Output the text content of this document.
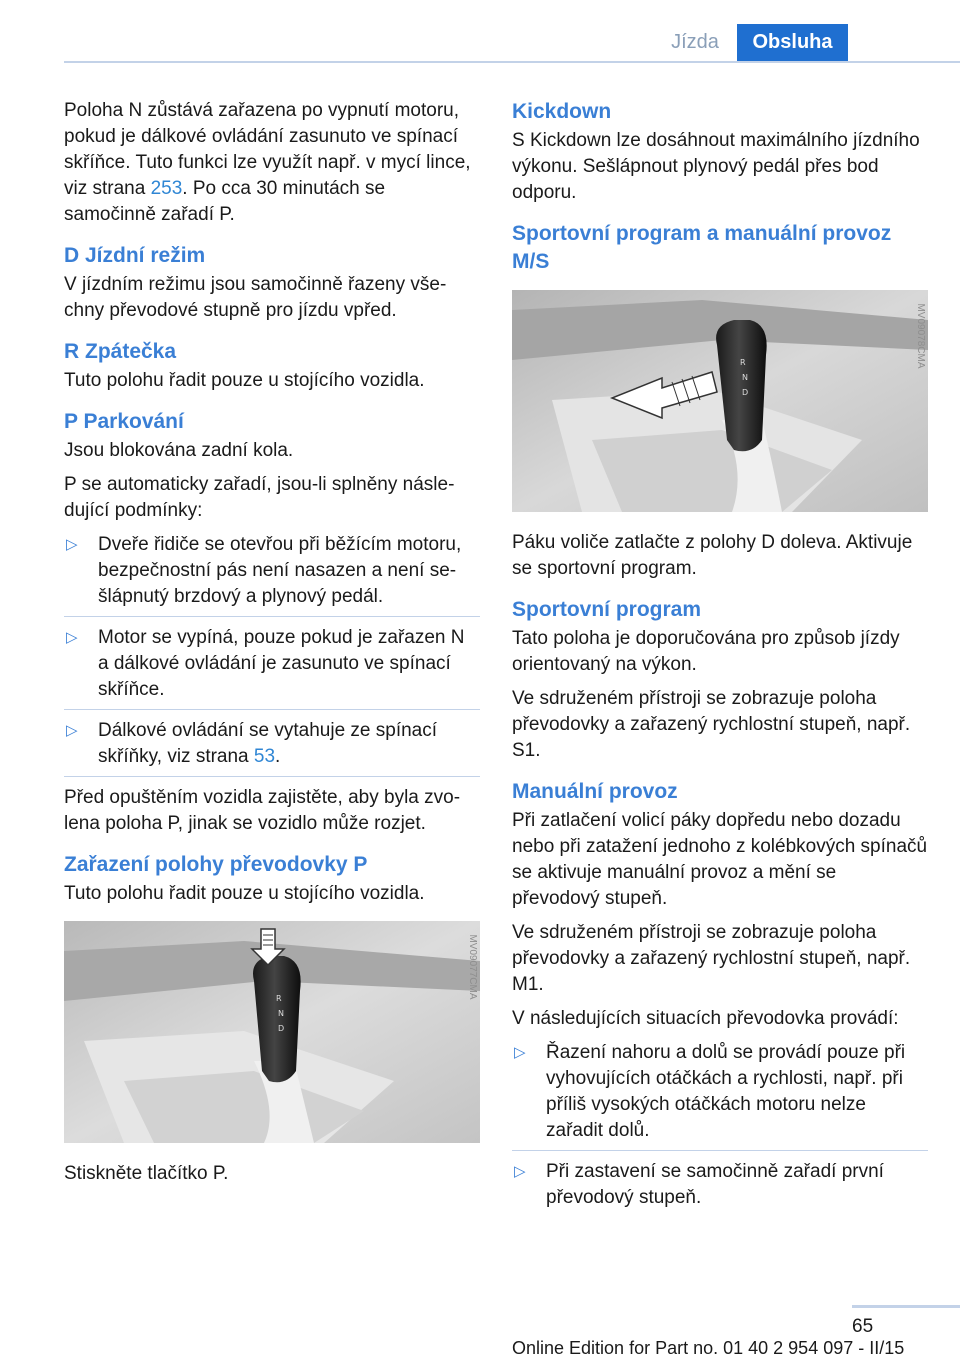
Jízda	Obsluha

Poloha N zůstává zařazena po vypnutí motoru, pokud je dálkové ovládání zasunuto ve spínací skříňce. Tuto funkci lze využít např. v mycí lince, viz strana 253. Po cca 30 minutách se samočinně zařadí P.

D Jízdní režim

V jízdním režimu jsou samočinně řazeny všechny převodové stupně pro jízdu vpřed.

R Zpátečka

Tuto polohu řadit pouze u stojícího vozidla.

P Parkování

Jsou blokována zadní kola.

P se automaticky zařadí, jsou-li splněny následující podmínky:

▷ Dveře řidiče se otevřou při běžícím motoru, bezpečnostní pás není nasazen a není sešlápnutý brzdový a plynový pedál.
▷ Motor se vypíná, pouze pokud je zařazen N a dálkové ovládání je zasunuto ve spínací skříňce.
▷ Dálkové ovládání se vytahuje ze spínací skříňky, viz strana 53.

Před opuštěním vozidla zajistěte, aby byla zvolena poloha P, jinak se vozidlo může rozjet.

Zařazení polohy převodovky P

Tuto polohu řadit pouze u stojícího vozidla.

R
N
D
MV09077CMA

Stiskněte tlačítko P.

Kickdown

S Kickdown lze dosáhnout maximálního jízdního výkonu. Sešlápnout plynový pedál přes bod odporu.

Sportovní program a manuální provoz M/S
R
N
D
MV09078CMA

Páku voliče zatlačte z polohy D doleva. Aktivuje se sportovní program.

Sportovní program

Tato poloha je doporučována pro způsob jízdy orientovaný na výkon.

Ve sdruženém přístroji se zobrazuje poloha převodovky a zařazený rychlostní stupeň, např. S1.

Manuální provoz

Při zatlačení volicí páky dopředu nebo dozadu nebo při zatažení jednoho z kolébkových spínačů se aktivuje manuální provoz a mění se převodový stupeň.

Ve sdruženém přístroji se zobrazuje poloha převodovky a zařazený rychlostní stupeň, např. M1.

V následujících situacích převodovka provádí:

▷ Řazení nahoru a dolů se provádí pouze při vyhovujících otáčkách a rychlosti, např. při příliš vysokých otáčkách motoru nelze zařadit dolů.
▷ Při zastavení se samočinně zařadí první převodový stupeň.
65
Online Edition for Part no. 01 40 2 954 097 - II/15
